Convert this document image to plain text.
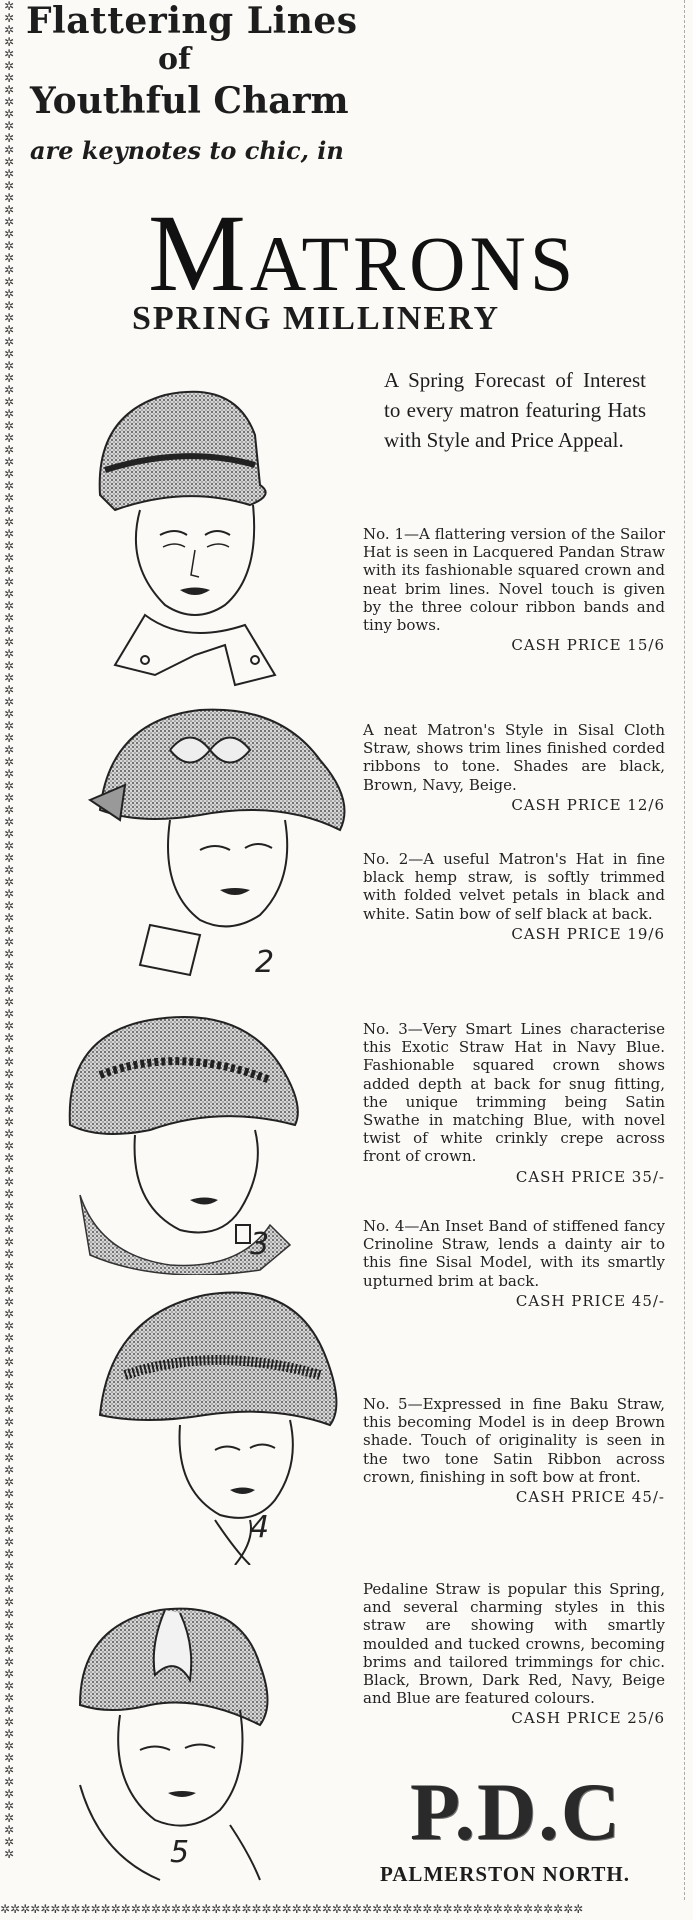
✲✲✲✲✲✲✲✲✲✲✲✲✲✲✲✲✲✲✲✲✲✲✲✲✲✲✲✲✲✲✲✲✲✲✲✲✲✲✲✲✲✲✲✲✲✲✲✲✲✲✲✲✲✲✲✲✲✲✲✲✲✲✲✲✲✲✲✲✲✲✲✲✲✲✲✲✲✲✲✲✲✲✲✲✲✲✲✲✲✲✲✲✲✲✲✲✲✲✲✲✲✲✲✲✲✲✲✲✲✲✲✲✲✲✲✲✲✲✲✲✲✲✲✲✲✲✲✲✲✲✲✲✲✲✲✲✲✲✲✲✲✲✲✲✲✲✲✲✲✲✲✲✲✲✲
✲✲✲✲✲✲✲✲✲✲✲✲✲✲✲✲✲✲✲✲✲✲✲✲✲✲✲✲✲✲✲✲✲✲✲✲✲✲✲✲✲✲✲✲✲✲✲✲✲✲✲✲✲✲✲✲✲✲
Flattering Lines
of
Youthful Charm
are keynotes to chic, in
MATRONS
SPRING MILLINERY
A Spring Forecast of Interest to every matron featuring Hats with Style and Price Appeal.
2
3
4
5
No. 1—A flattering version of the Sailor Hat is seen in Lacquered Pandan Straw with its fashionable squared crown and neat brim lines. Novel touch is given by the three colour ribbon bands and tiny bows.
CASH PRICE 15/6
A neat Matron's Style in Sisal Cloth Straw, shows trim lines finished corded ribbons to tone. Shades are black, Brown, Navy, Beige.
CASH PRICE 12/6
No. 2—A useful Matron's Hat in fine black hemp straw, is softly trimmed with folded velvet petals in black and white. Satin bow of self black at back.
CASH PRICE 19/6
No. 3—Very Smart Lines characterise this Exotic Straw Hat in Navy Blue. Fashionable squared crown shows added depth at back for snug fitting, the unique trimming being Satin Swathe in matching Blue, with novel twist of white crinkly crepe across front of crown.
CASH PRICE 35/-
No. 4—An Inset Band of stiffened fancy Crinoline Straw, lends a dainty air to this fine Sisal Model, with its smartly upturned brim at back.
CASH PRICE 45/-
No. 5—Expressed in fine Baku Straw, this becoming Model is in deep Brown shade. Touch of originality is seen in the two tone Satin Ribbon across crown, finishing in soft bow at front.
CASH PRICE 45/-
Pedaline Straw is popular this Spring, and several charming styles in this straw are showing with smartly moulded and tucked crowns, becoming brims and tailored trimmings for chic. Black, Brown, Dark Red, Navy, Beige and Blue are featured colours.
CASH PRICE 25/6
P.D.C
PALMERSTON NORTH.
